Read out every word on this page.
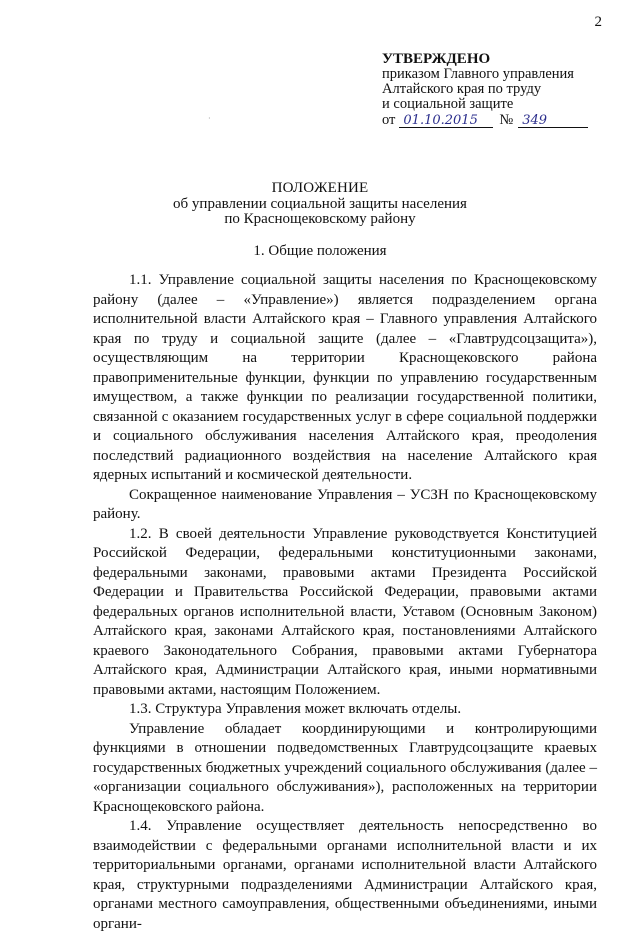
2
УТВЕРЖДЕНО
приказом Главного управления
Алтайского края по труду
и социальной защите
от 01.10.2015 № 349
·
ПОЛОЖЕНИЕ
об управлении социальной защиты населения
по Краснощековскому району
1. Общие положения

1.1. Управление социальной защиты населения по Краснощековскому району (далее – «Управление») является подразделением органа исполнительной власти Алтайского края – Главного управления Алтайского края по труду и социальной защите (далее – «Главтрудсоцзащита»), осуществляющим на территории Краснощековского района правоприменительные функции, функции по управлению государственным имуществом, а также функции по реализации государственной политики, связанной с оказанием государственных услуг в сфере социальной поддержки и социального обслуживания населения Алтайского края, преодоления последствий радиационного воздействия на население Алтайского края ядерных испытаний и космической деятельности.

Сокращенное наименование Управления – УСЗН по Краснощековскому району.

1.2. В своей деятельности Управление руководствуется Конституцией Российской Федерации, федеральными конституционными законами, федеральными законами, правовыми актами Президента Российской Федерации и Правительства Российской Федерации, правовыми актами федеральных органов исполнительной власти, Уставом (Основным Законом) Алтайского края, законами Алтайского края, постановлениями Алтайского краевого Законодательного Собрания, правовыми актами Губернатора Алтайского края, Администрации Алтайского края, иными нормативными правовыми актами, настоящим Положением.

1.3. Структура Управления может включать отделы.

Управление обладает координирующими и контролирующими функциями в отношении подведомственных Главтрудсоцзащите краевых государственных бюджетных учреждений социального обслуживания (далее – «организации социального обслуживания»), расположенных на территории Краснощековского района.

1.4. Управление осуществляет деятельность непосредственно во взаимодействии с федеральными органами исполнительной власти и их территориальными органами, органами исполнительной власти Алтайского края, структурными подразделениями Администрации Алтайского края, органами местного самоуправления, общественными объединениями, иными органи-
